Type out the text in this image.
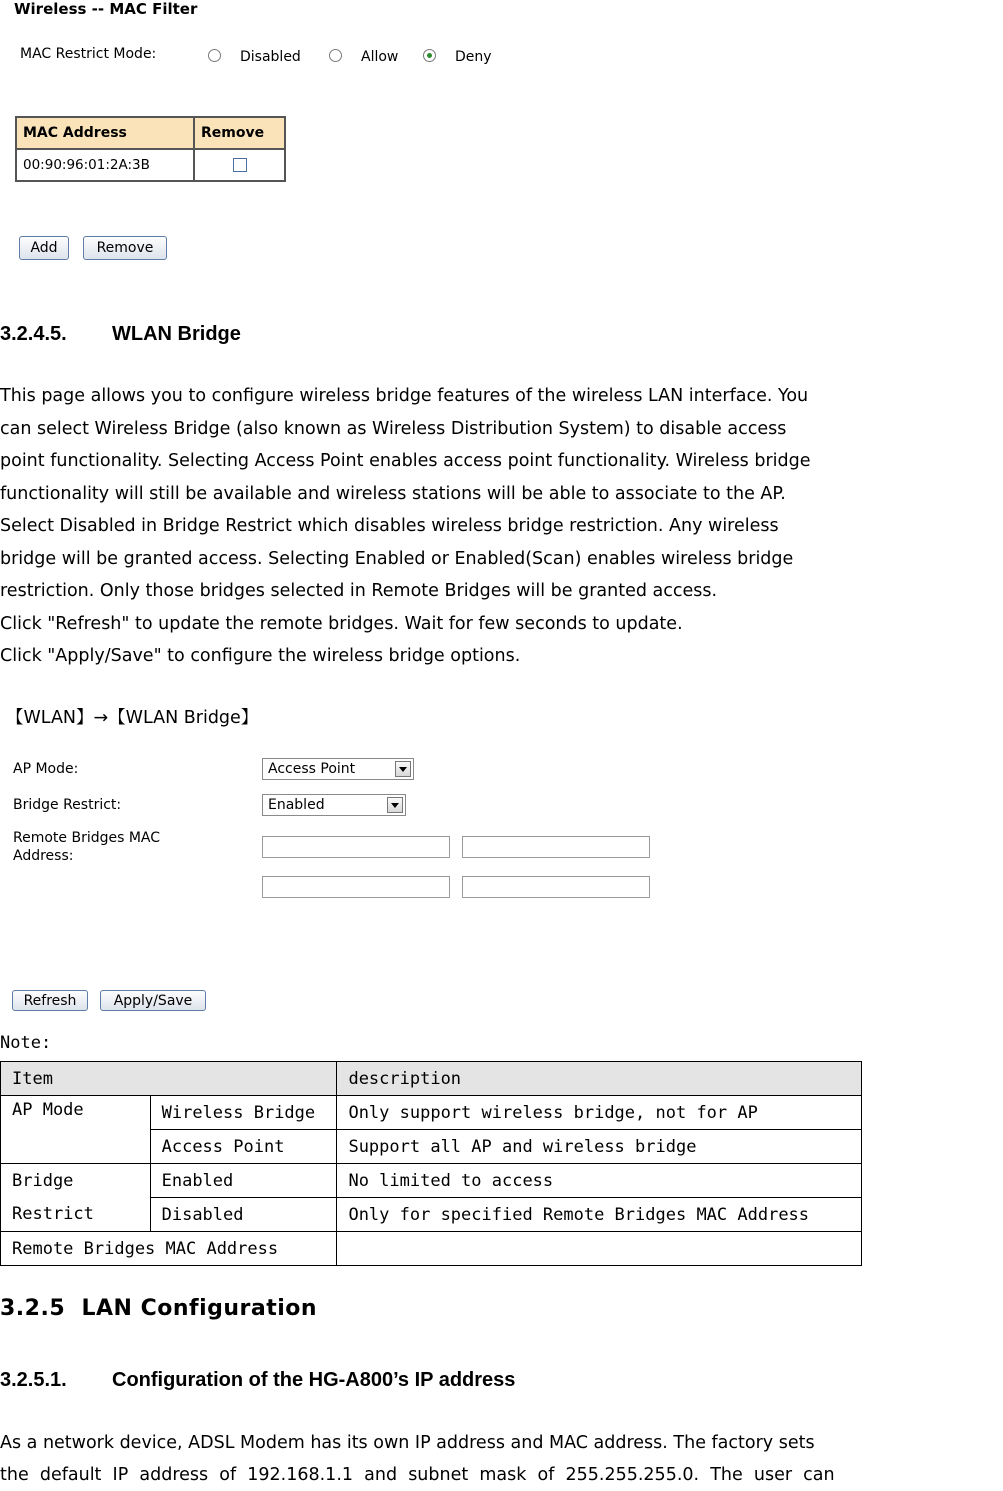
Wireless -- MAC Filter
MAC Restrict Mode:	Disabled	Allow	Deny
MAC Address	Remove
00:90:96:01:2A:3B	
Add	Remove
3.2.4.5. WLAN Bridge

This page allows you to configure wireless bridge features of the wireless LAN interface. You

can select Wireless Bridge (also known as Wireless Distribution System) to disable access

point functionality. Selecting Access Point enables access point functionality. Wireless bridge

functionality will still be available and wireless stations will be able to associate to the AP.

Select Disabled in Bridge Restrict which disables wireless bridge restriction. Any wireless

bridge will be granted access. Selecting Enabled or Enabled(Scan) enables wireless bridge

restriction. Only those bridges selected in Remote Bridges will be granted access.

Click "Refresh" to update the remote bridges. Wait for few seconds to update.

Click "Apply/Save" to configure the wireless bridge options.

【WLAN】→【WLAN Bridge】
AP Mode:	Access Point
Bridge Restrict:	Enabled
Remote Bridges MAC
Address:
Refresh	Apply/Save
Note:
Item		description
AP Mode	Wireless Bridge	Only support wireless bridge, not for AP
	Access Point	Support all AP and wireless bridge

Bridge
Restrict	Enabled	No limited to access
	Disabled	Only for specified Remote Bridges MAC Address
Remote Bridges MAC Address		
3.2.5  LAN Configuration
3.2.5.1. Configuration of the HG-A800’s IP address
As a network device, ADSL Modem has its own IP address and MAC address. The factory sets
the  default  IP  address  of  192.168.1.1  and  subnet  mask  of  255.255.255.0.  The  user  can
